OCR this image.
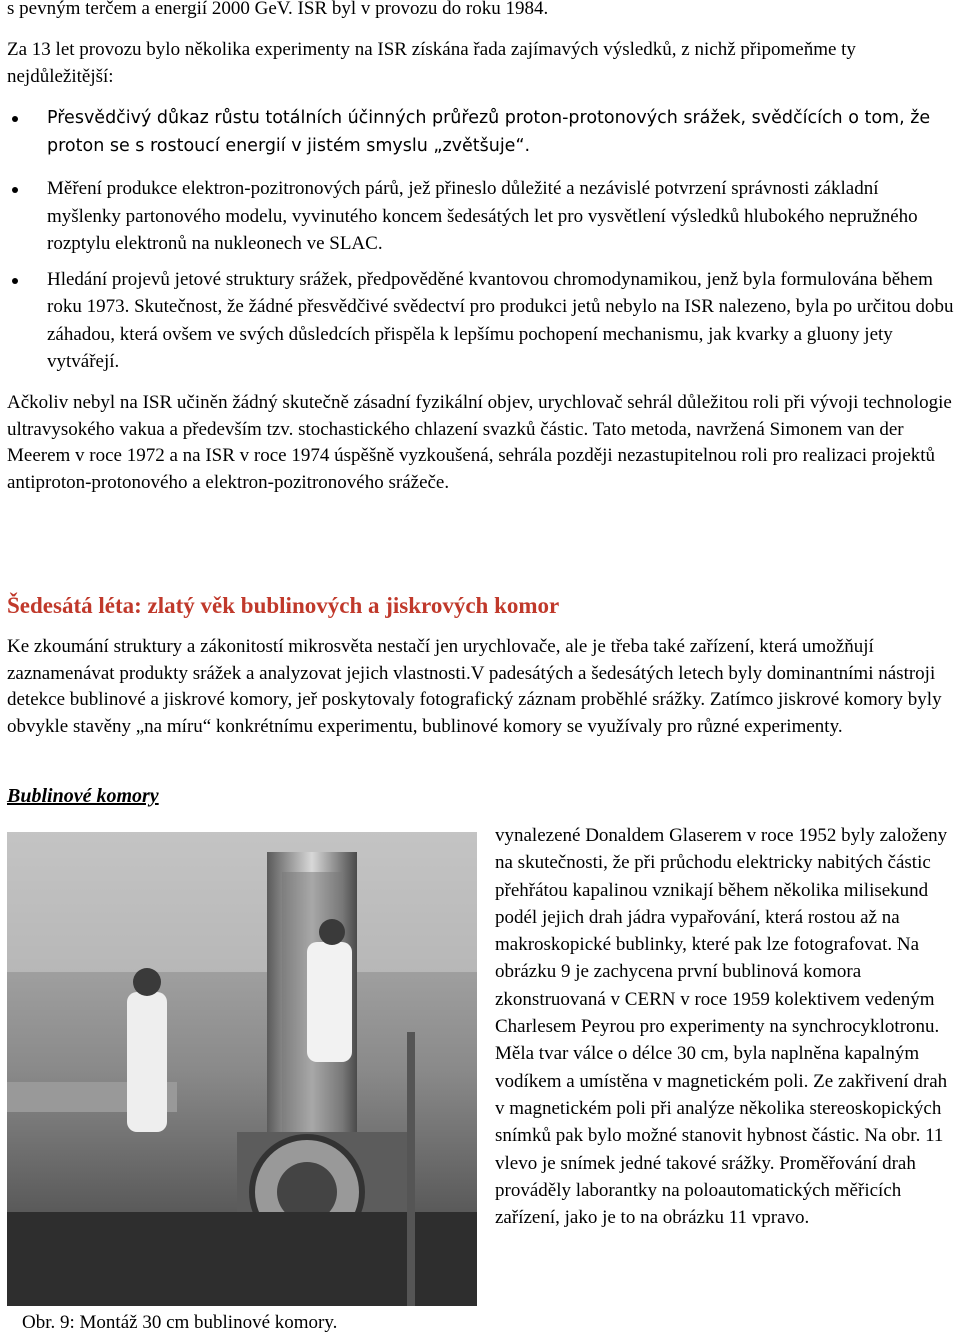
s pevným terčem a energií 2000 GeV. ISR byl v provozu do roku 1984.

Za 13 let provozu bylo několika experimenty na ISR získána řada zajímavých výsledků, z nichž připomeňme ty nejdůležitější:

Přesvědčivý důkaz růstu totálních účinných průřezů proton-protonových srážek, svědčících o tom, že proton se s rostoucí energií v jistém smyslu „zvětšuje“.
Měření produkce elektron-pozitronových párů, jež přineslo důležité a nezávislé potvrzení správnosti základní myšlenky partonového modelu, vyvinutého koncem šedesátých let pro vysvětlení výsledků hlubokého nepružného rozptylu elektronů na nukleonech ve SLAC.
Hledání projevů jetové struktury srážek, předpověděné kvantovou chromodynamikou, jenž byla formulována během roku 1973. Skutečnost, že žádné přesvědčivé svědectví pro produkci jetů nebylo na ISR nalezeno, byla po určitou dobu záhadou, která ovšem ve svých důsledcích přispěla k lepšímu pochopení mechanismu, jak kvarky a gluony jety vytvářejí.

Ačkoliv nebyl na ISR učiněn žádný skutečně zásadní fyzikální objev, urychlovač sehrál důležitou roli při vývoji technologie ultravysokého vakua a především tzv. stochastického chlazení svazků částic. Tato metoda, navržená Simonem van der Meerem v roce 1972 a na ISR v roce 1974 úspěšně vyzkoušená, sehrála později nezastupitelnou roli pro realizaci projektů antiproton-protonového a elektron-pozitronového srážeče.

Šedesátá léta: zlatý věk bublinových a jiskrových komor

Ke zkoumání struktury a zákonitostí mikrosvěta nestačí jen urychlovače, ale je třeba také zařízení, která umožňují zaznamenávat produkty srážek a analyzovat jejich vlastnosti.V padesátých a šedesátých letech byly dominantními nástroji detekce bublinové a jiskrové komory, jeř poskytovaly fotografický záznam proběhlé srážky. Zatímco jiskrové komory byly obvykle stavěny „na míru“ konkrétnímu experimentu, bublinové komory se využívaly pro různé experimenty.

Bublinové komory

Obr. 9: Montáž 30 cm bublinové komory.

vynalezené Donaldem Glaserem v roce 1952 byly založeny na skutečnosti, že při průchodu elektricky nabitých částic přehřátou kapalinou vznikají během několika milisekund podél jejich drah jádra vypařování, která rostou až na makroskopické bublinky, které pak lze fotografovat. Na obrázku 9 je zachycena první bublinová komora zkonstruovaná v CERN v roce 1959 kolektivem vedeným Charlesem Peyrou pro experimenty na synchrocyklotronu. Měla tvar válce o délce 30 cm, byla naplněna kapalným vodíkem a umístěna v magnetickém poli. Ze zakřivení drah v magnetickém poli při analýze několika stereoskopických snímků pak bylo možné stanovit hybnost částic. Na obr. 11 vlevo je snímek jedné takové srážky. Proměřování drah prováděly laborantky na poloautomatických měřicích zařízení, jako je to na obrázku 11 vpravo.
